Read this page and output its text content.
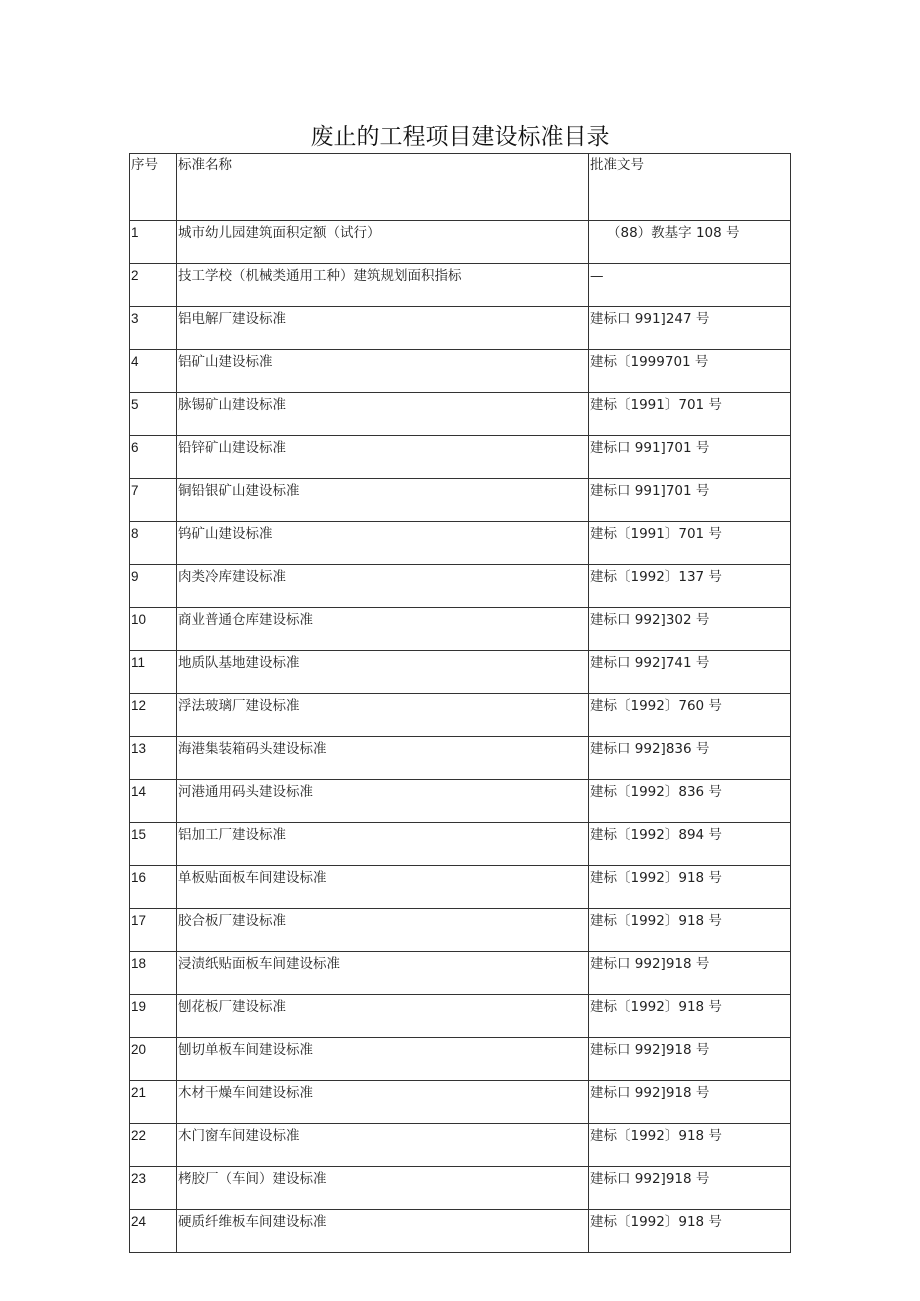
废止的工程项目建设标准目录
序号	标准名称	批准文号
1	城市幼儿园建筑面积定额（试行）	（88）教基字 108 号
2	技工学校（机械类通用工种）建筑规划面积指标	—
3	铝电解厂建设标准	建标口 991]247 号
4	铝矿山建设标准	建标〔1999701 号
5	脉锡矿山建设标准	建标〔1991〕701 号
6	铅锌矿山建设标准	建标口 991]701 号
7	铜铅银矿山建设标准	建标口 991]701 号
8	钨矿山建设标准	建标〔1991〕701 号
9	肉类冷库建设标准	建标〔1992〕137 号
10	商业普通仓库建设标准	建标口 992]302 号
11	地质队基地建设标准	建标口 992]741 号
12	浮法玻璃厂建设标准	建标〔1992〕760 号
13	海港集装箱码头建设标准	建标口 992]836 号
14	河港通用码头建设标准	建标〔1992〕836 号
15	铝加工厂建设标准	建标〔1992〕894 号
16	单板贴面板车间建设标准	建标〔1992〕918 号
17	胶合板厂建设标准	建标〔1992〕918 号
18	浸渍纸贴面板车间建设标准	建标口 992]918 号
19	刨花板厂建设标准	建标〔1992〕918 号
20	刨切单板车间建设标准	建标口 992]918 号
21	木材干燥车间建设标准	建标口 992]918 号
22	木门窗车间建设标准	建标〔1992〕918 号
23	栲胶厂（车间）建设标准	建标口 992]918 号
24	硬质纤维板车间建设标准	建标〔1992〕918 号
